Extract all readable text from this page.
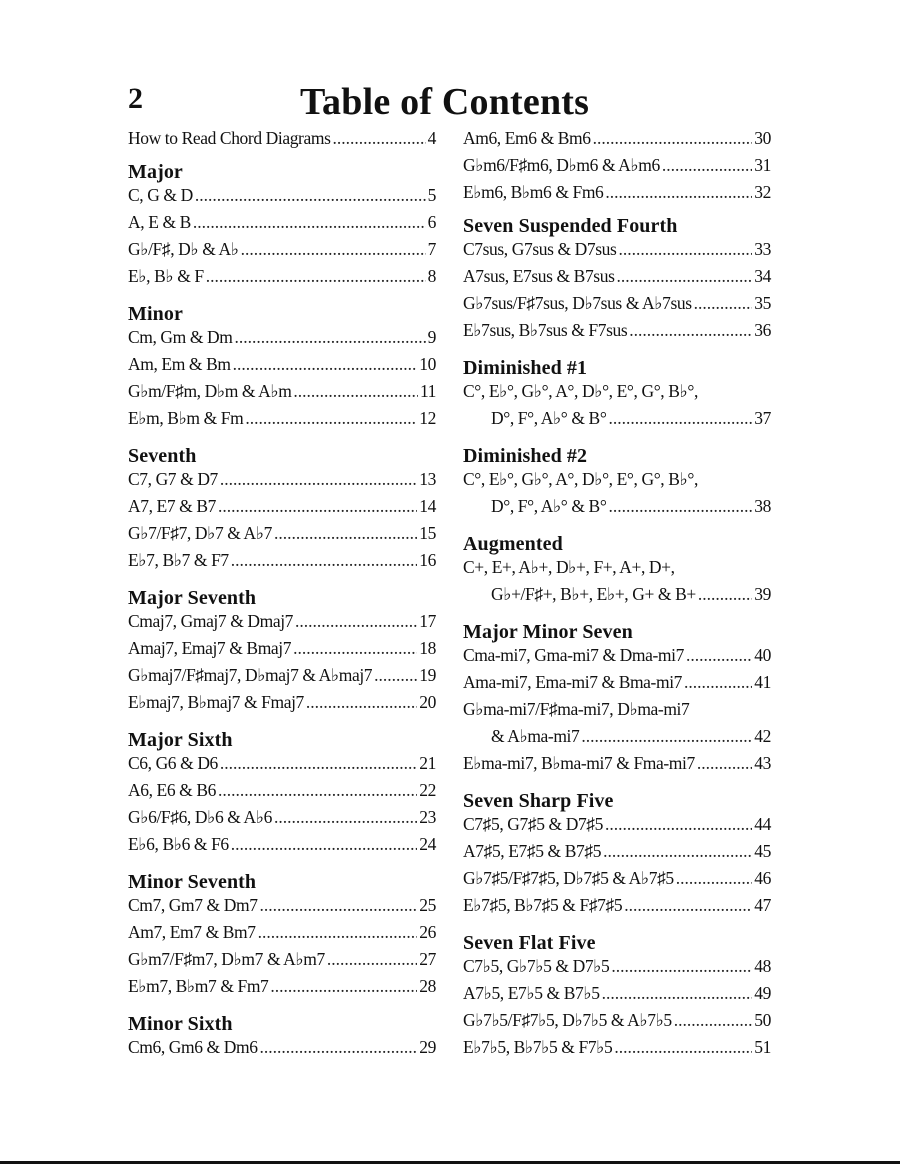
2	Table of Contents
How to Read Chord Diagrams .....	4
Major
C, G & D .....	5
A, E & B .....	6
G♭/F♯, D♭ & A♭ .....	7
E♭, B♭ & F .....	8
Minor
Cm, Gm & Dm .....	9
Am, Em & Bm .....	10
G♭m/F♯m, D♭m & A♭m .....	11
E♭m, B♭m & Fm .....	12
Seventh
C7, G7 & D7 .....	13
A7, E7 & B7 .....	14
G♭7/F♯7, D♭7 & A♭7 .....	15
E♭7, B♭7 & F7 .....	16
Major Seventh
Cmaj7, Gmaj7 & Dmaj7 .....	17
Amaj7, Emaj7 & Bmaj7 .....	18
G♭maj7/F♯maj7, D♭maj7 & A♭maj7 .....	19
E♭maj7, B♭maj7 & Fmaj7 .....	20
Major Sixth
C6, G6 & D6 .....	21
A6, E6 & B6 .....	22
G♭6/F♯6, D♭6 & A♭6 .....	23
E♭6, B♭6 & F6 .....	24
Minor Seventh
Cm7, Gm7 & Dm7 .....	25
Am7, Em7 & Bm7 .....	26
G♭m7/F♯m7, D♭m7 & A♭m7 .....	27
E♭m7, B♭m7 & Fm7 .....	28
Minor Sixth
Cm6, Gm6 & Dm6 .....	29
Am6, Em6 & Bm6 .....	30
G♭m6/F♯m6, D♭m6 & A♭m6 .....	31
E♭m6, B♭m6 & Fm6 .....	32
Seven Suspended Fourth
C7sus, G7sus & D7sus .....	33
A7sus, E7sus & B7sus .....	34
G♭7sus/F♯7sus, D♭7sus & A♭7sus .....	35
E♭7sus, B♭7sus & F7sus .....	36
Diminished #1
C°, E♭°, G♭°, A°, D♭°, E°, G°, B♭°,
D°, F°, A♭° & B° .....	37
Diminished #2
C°, E♭°, G♭°, A°, D♭°, E°, G°, B♭°,
D°, F°, A♭° & B° .....	38
Augmented
C+, E+, A♭+, D♭+, F+, A+, D+,
G♭+/F♯+, B♭+, E♭+, G+ & B+ .....	39
Major Minor Seven
Cma-mi7, Gma-mi7 & Dma-mi7 .....	40
Ama-mi7, Ema-mi7 & Bma-mi7 .....	41
G♭ma-mi7/F♯ma-mi7, D♭ma-mi7
& A♭ma-mi7 .....	42
E♭ma-mi7, B♭ma-mi7 & Fma-mi7 .....	43
Seven Sharp Five
C7♯5, G7♯5 & D7♯5 .....	44
A7♯5, E7♯5 & B7♯5 .....	45
G♭7♯5/F♯7♯5, D♭7♯5 & A♭7♯5 .....	46
E♭7♯5, B♭7♯5 & F♯7♯5 .....	47
Seven Flat Five
C7♭5, G♭7♭5 & D7♭5 .....	48
A7♭5, E7♭5 & B7♭5 .....	49
G♭7♭5/F♯7♭5, D♭7♭5 & A♭7♭5 .....	50
E♭7♭5, B♭7♭5 & F7♭5 .....	51
